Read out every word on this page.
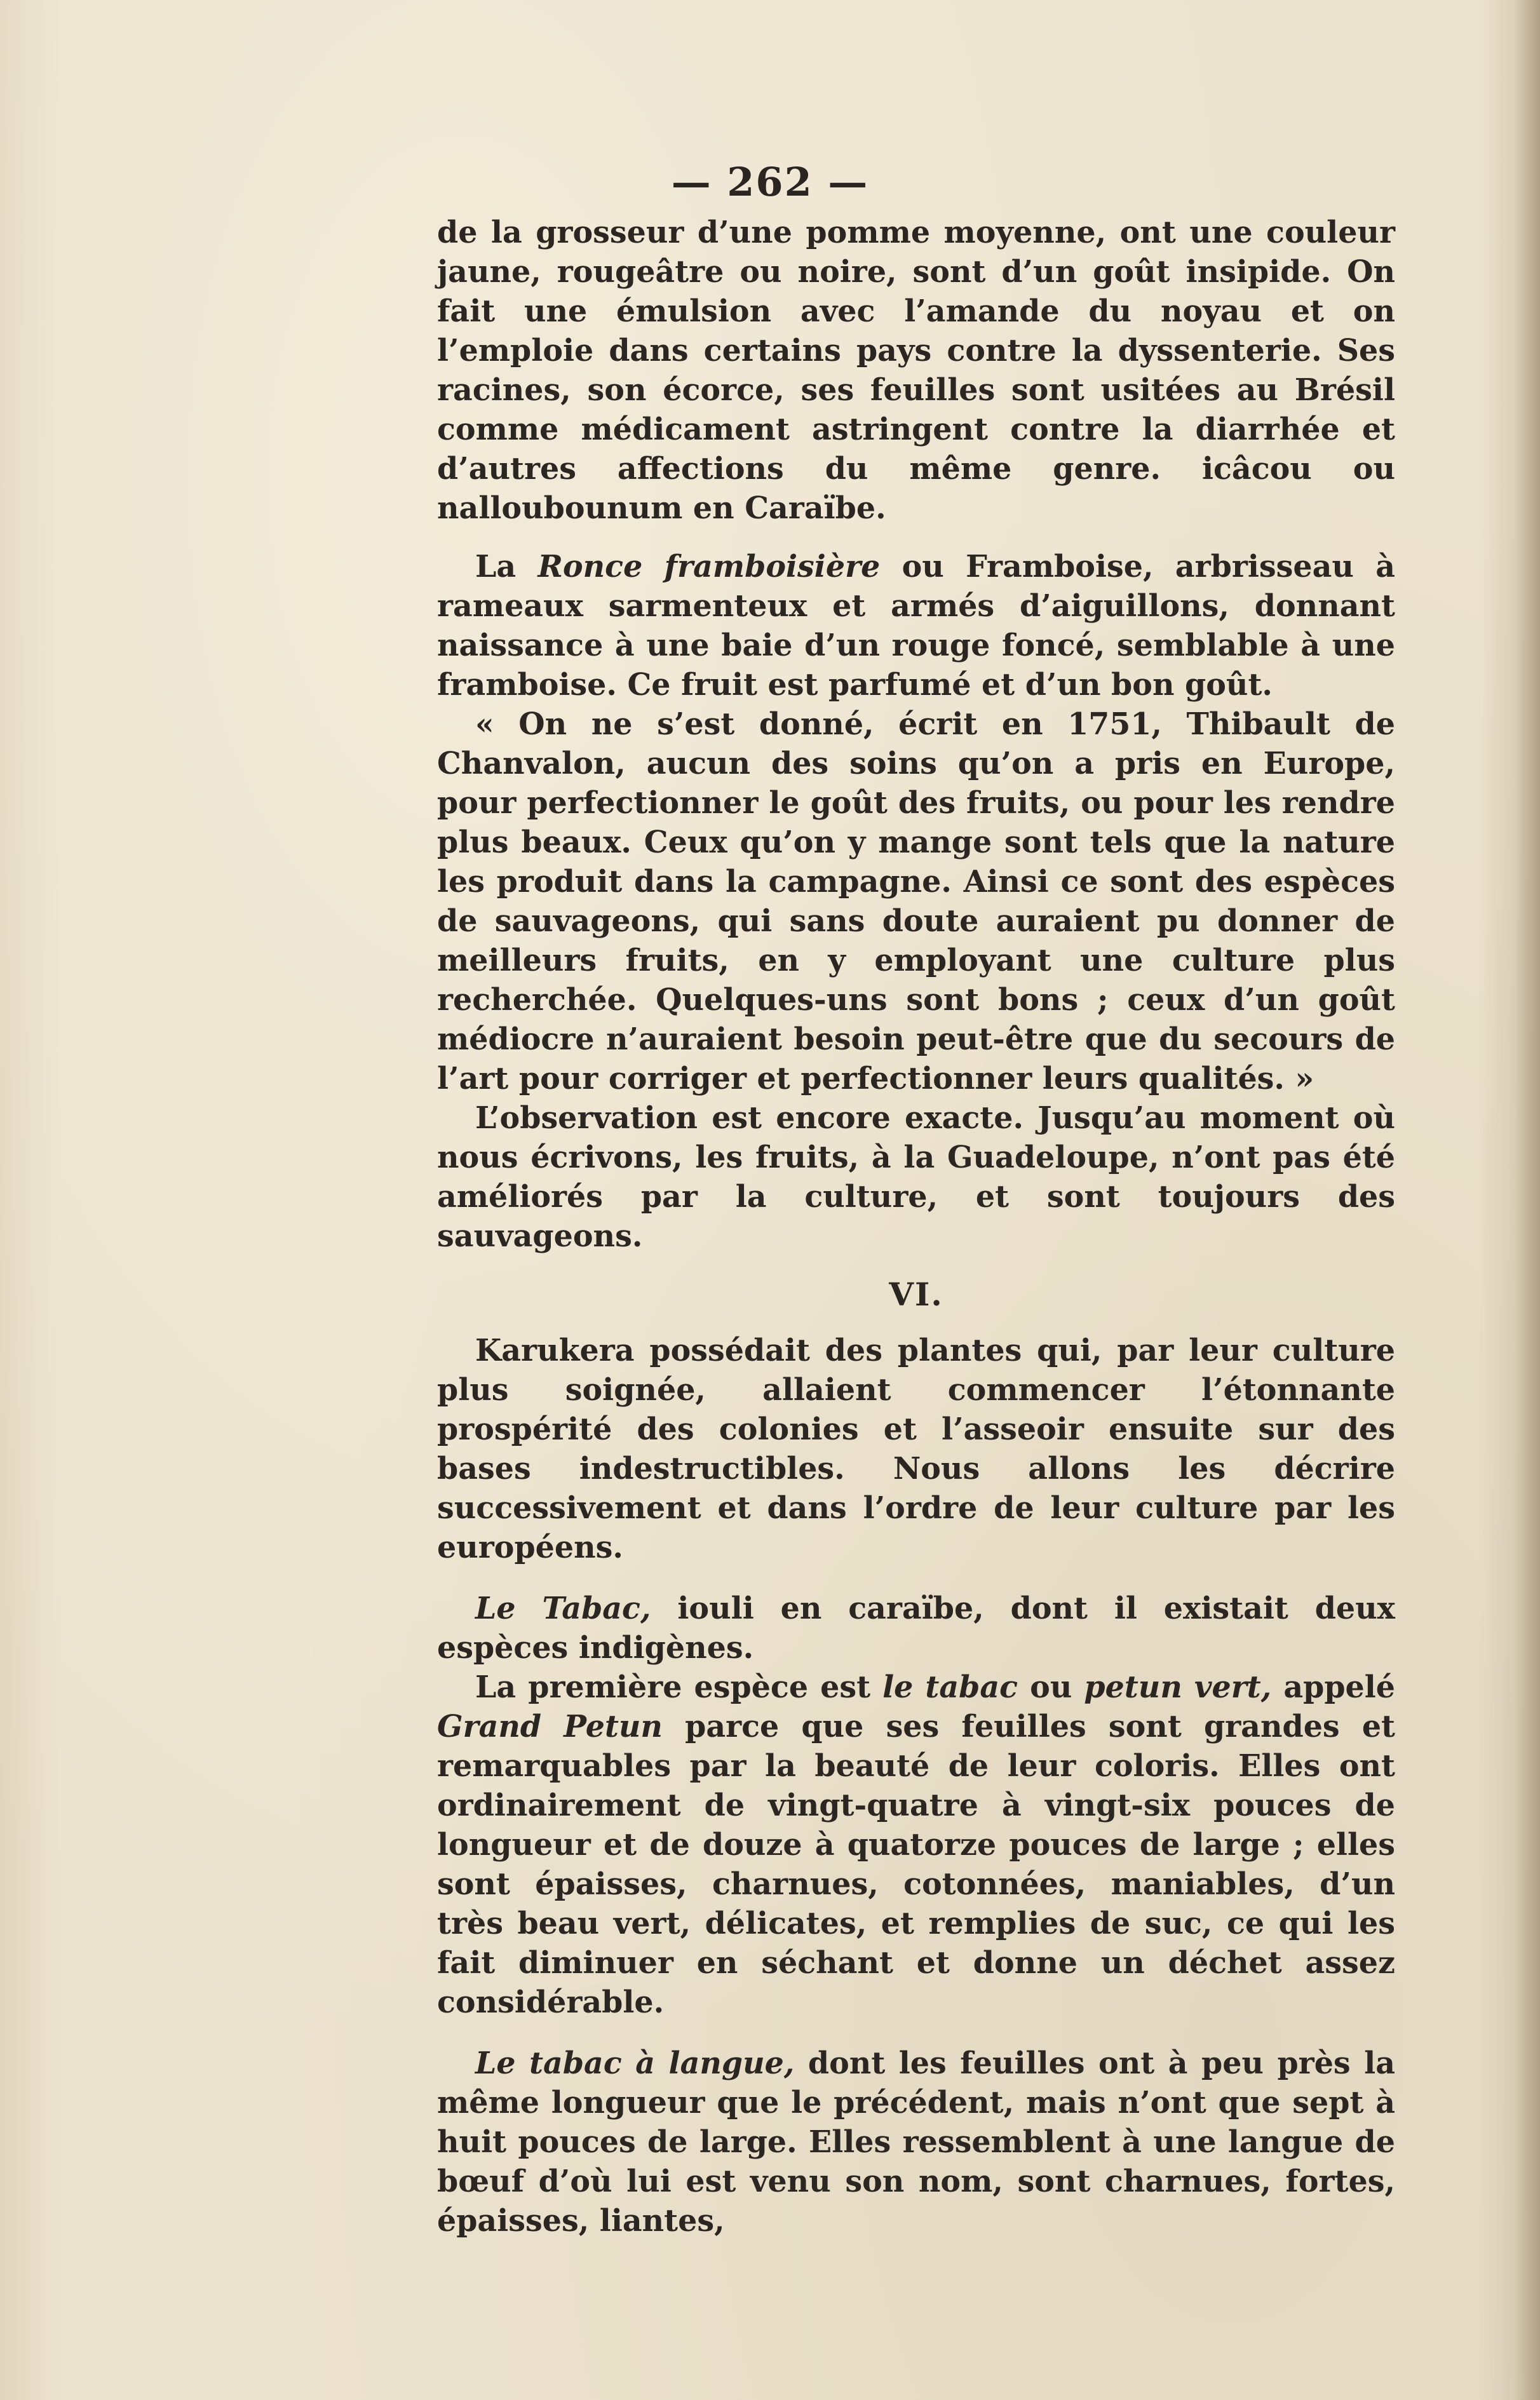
— 262 —

de la grosseur d’une pomme moyenne, ont une couleur jaune, rougeâtre ou noire, sont d’un goût insipide. On fait une émulsion avec l’amande du noyau et on l’emploie dans certains pays contre la dyssenterie. Ses racines, son écorce, ses feuilles sont usitées au Brésil comme médicament astringent contre la diarrhée et d’autres affections du même genre. icâcou ou nalloubounum en Caraïbe.

La Ronce framboisière ou Framboise, arbrisseau à rameaux sarmenteux et armés d’aiguillons, donnant naissance à une baie d’un rouge foncé, semblable à une framboise. Ce fruit est parfumé et d’un bon goût.

« On ne s’est donné, écrit en 1751, Thibault de Chanvalon, aucun des soins qu’on a pris en Europe, pour perfectionner le goût des fruits, ou pour les rendre plus beaux. Ceux qu’on y mange sont tels que la nature les produit dans la campagne. Ainsi ce sont des espèces de sauvageons, qui sans doute auraient pu donner de meilleurs fruits, en y employant une culture plus recherchée. Quelques-uns sont bons ; ceux d’un goût médiocre n’auraient besoin peut-être que du secours de l’art pour corriger et perfectionner leurs qualités. »

L’observation est encore exacte. Jusqu’au moment où nous écrivons, les fruits, à la Guadeloupe, n’ont pas été améliorés par la culture, et sont toujours des sauvageons.

VI.

Karukera possédait des plantes qui, par leur culture plus soignée, allaient commencer l’étonnante prospérité des colonies et l’asseoir ensuite sur des bases indestructibles. Nous allons les décrire successivement et dans l’ordre de leur culture par les européens.

Le Tabac, iouli en caraïbe, dont il existait deux espèces indigènes.

La première espèce est le tabac ou petun vert, appelé Grand Petun parce que ses feuilles sont grandes et remarquables par la beauté de leur coloris. Elles ont ordinairement de vingt-quatre à vingt-six pouces de longueur et de douze à quatorze pouces de large ; elles sont épaisses, charnues, cotonnées, maniables, d’un très beau vert, délicates, et remplies de suc, ce qui les fait diminuer en séchant et donne un déchet assez considérable.

Le tabac à langue, dont les feuilles ont à peu près la même longueur que le précédent, mais n’ont que sept à huit pouces de large. Elles ressemblent à une langue de bœuf d’où lui est venu son nom, sont charnues, fortes, épaisses, liantes,
